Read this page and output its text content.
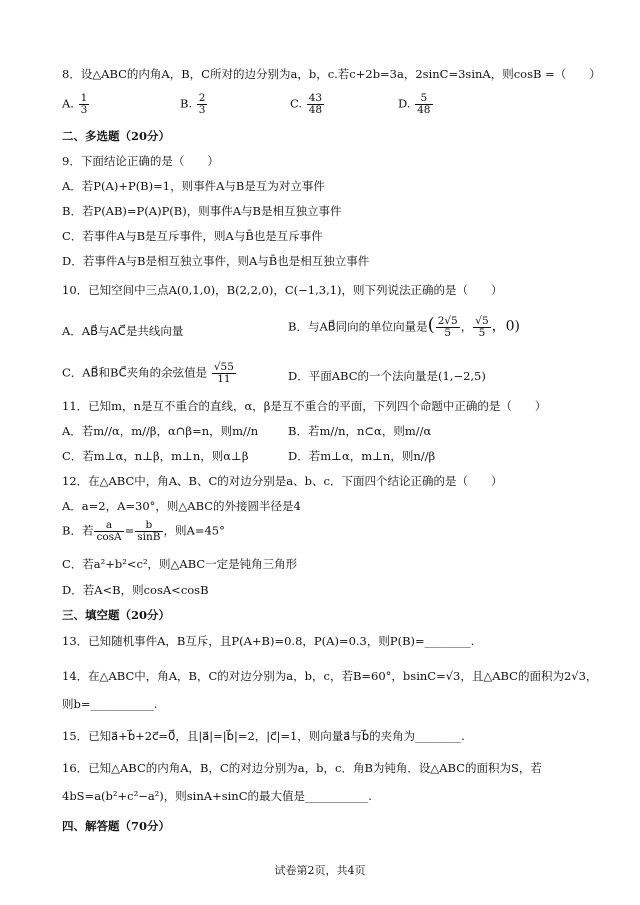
8．设△ABC的内角A，B，C所对的边分别为a，b，c.若c+2b=3a，2sinC=3sinA，则cosB =（　　）
A. $\frac{1}{3}$	B. $\frac{2}{3}$	C. $\frac{43}{48}$	D. $\frac{5}{48}$
二、多选题（20分）
9．下面结论正确的是（　　）
A．若P(A)+P(B)=1，则事件A与B是互为对立事件
B．若P(AB)=P(A)P(B)，则事件A与B是相互独立事件
C．若事件A与B是互斥事件，则A与B̄也是互斥事件
D．若事件A与B是相互独立事件，则A与B̄也是相互独立事件
10．已知空间中三点A(0,1,0)，B(2,2,0)，C(−1,3,1)，则下列说法正确的是（　　）
A．AB⃗与AC⃗是共线向量	B．与AB⃗同向的单位向量是( $\frac{2√5}{5}$ ， $\frac{√5}{5}$ ，0)
C．AB⃗和BC⃗夹角的余弦值是 $\frac{√55}{11}$	D．平面ABC的一个法向量是(1,−2,5)
11．已知m，n是互不重合的直线，α，β是互不重合的平面，下列四个命题中正确的是（　　）
A．若m//α，m//β，α∩β=n，则m//n	B．若m//n，n⊂α，则m//α
C．若m⊥α，n⊥β，m⊥n，则α⊥β	D．若m⊥α，m⊥n，则n//β
12．在△ABC中，角A、B、C的对边分别是a、b、c．下面四个结论正确的是（　　）
A．a=2，A=30°，则△ABC的外接圆半径是4
B．若 $\frac{a}{\cos A} = \frac{b}{\sin B}$ ，则A=45°
C．若a²+b²<c²，则△ABC一定是钝角三角形
D．若A<B，则cosA<cosB
三、填空题（20分）
13．已知随机事件A，B互斥，且P(A+B)=0.8，P(A)=0.3，则P(B)=________.
14．在△ABC中，角A，B，C的对边分别为a，b，c，若B=60°，bsinC=√3，且△ABC的面积为2√3，
则b=___________.
15．已知a⃗+b⃗+2c⃗=0⃗，且|a⃗|=|b⃗|=2，|c⃗|=1，则向量a⃗与b⃗的夹角为________.
16．已知△ABC的内角A，B，C的对边分别为a，b，c．角B为钝角．设△ABC的面积为S，若
4bS=a(b²+c²−a²)，则sinA+sinC的最大值是___________.
四、解答题（70分）
试卷第2页，共4页
